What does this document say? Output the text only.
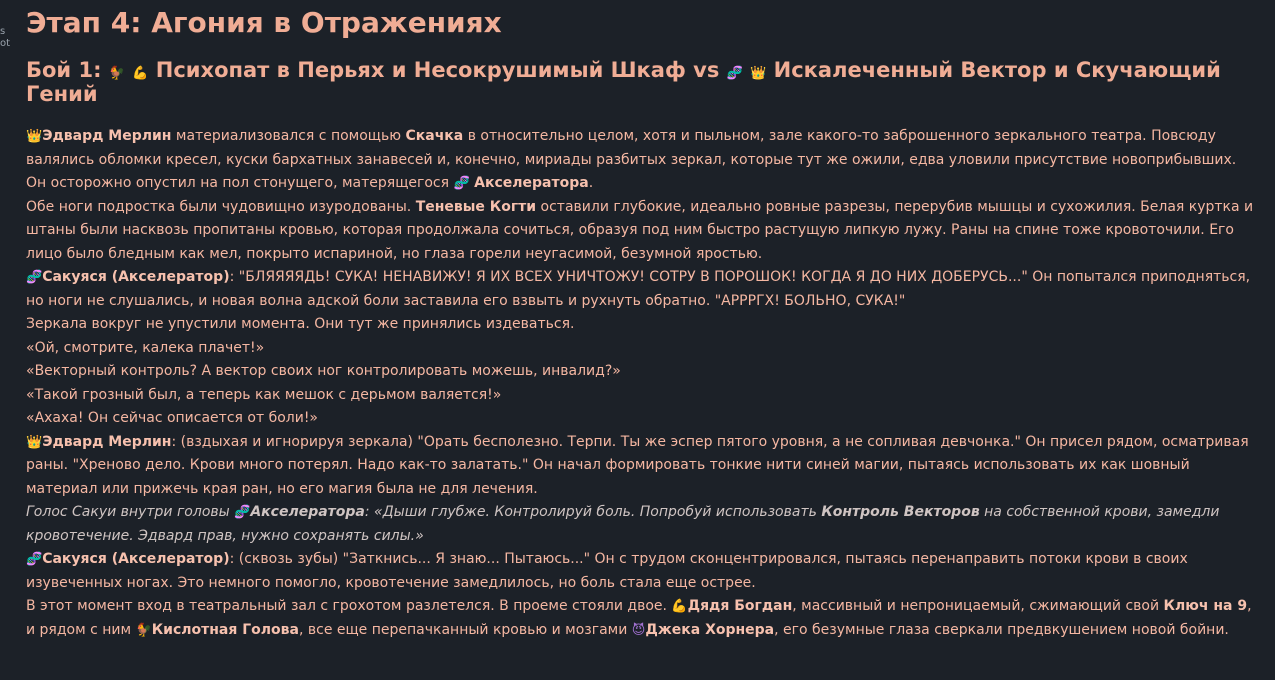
s
ot
Этап 4: Агония в Отражениях
Бой 1: 🐓 💪 Психопат в Перьях и Несокрушимый Шкаф vs 🧬 👑 Искалеченный Вектор и Скучающий Гений

👑Эдвард Мерлин материализовался с помощью Скачка в относительно целом, хотя и пыльном, зале какого-то заброшенного зеркального театра. Повсюду валялись обломки кресел, куски бархатных занавесей и, конечно, мириады разбитых зеркал, которые тут же ожили, едва уловили присутствие новоприбывших. Он осторожно опустил на пол стонущего, матерящегося 🧬 Акселератора.

Обе ноги подростка были чудовищно изуродованы. Теневые Когти оставили глубокие, идеально ровные разрезы, перерубив мышцы и сухожилия. Белая куртка и штаны были насквозь пропитаны кровью, которая продолжала сочиться, образуя под ним быстро растущую липкую лужу. Раны на спине тоже кровоточили. Его лицо было бледным как мел, покрыто испариной, но глаза горели неугасимой, безумной яростью.

🧬Сакуяся (Акселератор): "БЛЯЯЯЯДЬ! СУКА! НЕНАВИЖУ! Я ИХ ВСЕХ УНИЧТОЖУ! СОТРУ В ПОРОШОК! КОГДА Я ДО НИХ ДОБЕРУСЬ..." Он попытался приподняться, но ноги не слушались, и новая волна адской боли заставила его взвыть и рухнуть обратно. "АРРРГХ! БОЛЬНО, СУКА!"

Зеркала вокруг не упустили момента. Они тут же принялись издеваться.

«Ой, смотрите, калека плачет!»

«Векторный контроль? А вектор своих ног контролировать можешь, инвалид?»

«Такой грозный был, а теперь как мешок с дерьмом валяется!»

«Ахаха! Он сейчас описается от боли!»

👑Эдвард Мерлин: (вздыхая и игнорируя зеркала) "Орать бесполезно. Терпи. Ты же эспер пятого уровня, а не сопливая девчонка." Он присел рядом, осматривая раны. "Хреново дело. Крови много потерял. Надо как-то залатать." Он начал формировать тонкие нити синей магии, пытаясь использовать их как шовный материал или прижечь края ран, но его магия была не для лечения.

Голос Сакуи внутри головы 🧬Акселератора: «Дыши глубже. Контролируй боль. Попробуй использовать Контроль Векторов на собственной крови, замедли кровотечение. Эдвард прав, нужно сохранять силы.»

🧬Сакуяся (Акселератор): (сквозь зубы) "Заткнись... Я знаю... Пытаюсь..." Он с трудом сконцентрировался, пытаясь перенаправить потоки крови в своих изувеченных ногах. Это немного помогло, кровотечение замедлилось, но боль стала еще острее.

В этот момент вход в театральный зал с грохотом разлетелся. В проеме стояли двое. 💪Дядя Богдан, массивный и непроницаемый, сжимающий свой Ключ на 9, и рядом с ним 🐓Кислотная Голова, все еще перепачканный кровью и мозгами 😈Джека Хорнера, его безумные глаза сверкали предвкушением новой бойни.
